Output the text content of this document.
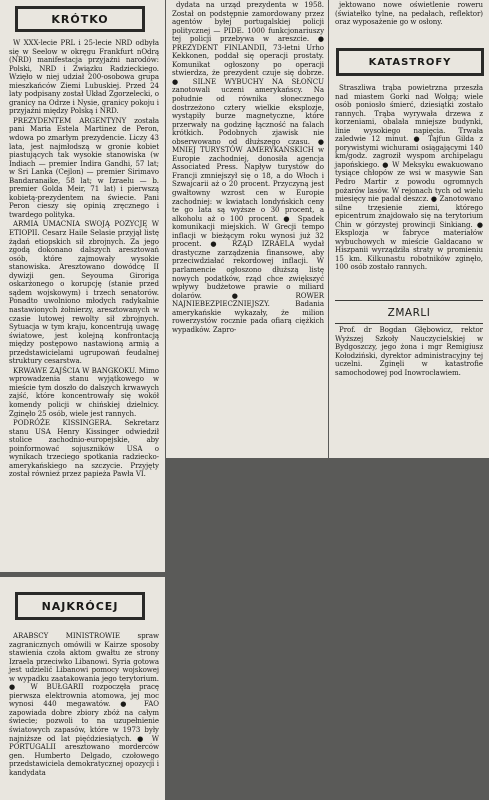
KRÓTKO

W XXX-lecie PRL i 25-lecie NRD odbyła się w Seelow w okręgu Frankfurt nOdrą (NRD) manifestacja przyjaźni narodów: Polski, NRD i Związku Radzieckiego. Wzięło w niej udział 200-osobowa grupa mieszkańców Ziemi Lubuskiej. Przed 24 laty podpisany został Układ Zgorzelecki, o granicy na Odrze i Nysie, granicy pokoju i przyjaźni między Polską i NRD.

PREZYDENTEM ARGENTYNY została pani Maria Estela Martinez de Peron, wdowa po zmarłym prezydencie. Liczy 43 lata, jest najmłodszą w gronie kobiet piastujących tak wysokie stanowiska (w Indiach — premier Indira Gandhi, 57 lat; w Sri Lanka (Cejlon) — premier Sirimavo Bandaranaike, 58 lat; w Izraelu — b. premier Golda Meir, 71 lat) i pierwszą kobietą-prezydentem na świecie. Pani Peron cieszy się opinią zręcznego i twardego polityka.

ARMIA UMACNIA SWOJĄ POZYCJĘ W ETIOPII. Cesarz Haile Selasie przyjął listę żądań etiopskich sił zbrojnych. Za jego zgodą dokonano dalszych aresztowań osób, które zajmowały wysokie stanowiska. Aresztowano dowódcę II dywizji gen. Seyouma Giroriga oskarżonego o korupcję (stanie przed sądem wojskowym) i trzech senatorów. Ponadto uwolniono młodych radykalnie nastawionych żołnierzy, aresztowanych w czasie lutowej rewolty sił zbrojnych. Sytuacja w tym kraju, koncentrują uwagę światowe, jest kolejną konfrontacją między postępowo nastawioną armią a przedstawicielami ugrupowań feudalnej struktury cesarstwa.

KRWAWE ZAJŚCIA W BANGKOKU. Mimo wprowadzenia stanu wyjątkowego w mieście tym doszło do dalszych krwawych zajść, które koncentrowały się wokół komendy policji w chińskiej dzielnicy. Zginęło 25 osób, wiele jest rannych.

PODRÓŻE KISSINGERA. Sekretarz stanu USA Henry Kissinger odwiedził stolice zachodnio-europejskie, aby poinformować sojuszników USA o wynikach trzeciego spotkania radziecko-amerykańskiego na szczycie. Przyjęty został również przez papieża Pawła VI.

NAJKRÓCEJ

ARABSCY MINISTROWIE spraw zagranicznych omówili w Kairze sposoby stawienia czoła aktom gwałtu ze strony Izraela przeciwko Libanowi. Syria gotowa jest udzielić Libanowi pomocy wojskowej w wypadku zaatakowania jego terytorium. ● W BUŁGARII rozpoczęła pracę pierwsza elektrownia atomowa, jej moc wynosi 440 megawatów. ● FAO zapowiada dobre zbiory zbóż na całym świecie; pozwoli to na uzupełnienie światowych zapasów, które w 1973 były najniższe od lat pięćdziesiątych. ● W PORTUGALII aresztowano morderców gen. Humberto Delgado, czołowego przedstawiciela demokratycznej opozycji i kandydata

dydata na urząd prezydenta w 1958. Został on podstępnie zamordowany przez agentów byłej portugalskiej policji politycznej — PIDE. 1000 funkcjonariuszy tej policji przebywa w areszcie. ● PREZYDENT FINLANDII, 73-letni Urho Kekkonen, poddał się operacji prostaty. Komunikat ogłoszony po operacji stwierdza, że prezydent czuje się dobrze. ● SILNE WYBUCHY NA SŁOŃCU zanotowali uczeni amerykańscy. Na południe od równika słonecznego dostrzeżono cztery wielkie eksplozje, wystąpiły burze magnetyczne, które przerwały na godzinę łączność na falach krótkich. Podobnych zjawisk nie obserwowano od dłuższego czasu. ● MNIEJ TURYSTÓW AMERYKAŃSKICH w Europie zachodniej, donosiła agencja Associated Press. Napływ turystów do Francji zmniejszył się o 18, a do Włoch i Szwajcarii aż o 20 procent. Przyczyną jest gwałtowny wzrost cen w Europie zachodniej: w kwiatach londyńskich ceny te go lata są wyższe o 30 procent, a alkoholu aż o 100 procent. ● Spadek komunikacji miejskich. W Grecji tempo inflacji w bieżącym roku wynosi już 32 procent. ● RZĄD IZRAELA wydał drastyczne zarządzenia finansowe, aby przeciwdziałać rekordowej inflacji. W parlamencie ogłoszono dłuższą listę nowych podatków, rząd chce zwiększyć wpływy budżetowe prawie o miliard dolarów. ● ROWER NAJNIEBEZPIECZNIEJSZY. Badania amerykańskie wykazały, że milion rowerzystów rocznie pada ofiarą ciężkich wypadków. Zapro-

jektowano nowe oświetlenie roweru (światełko tylne, na pedałach, reflektor) oraz wyposażenie go w osłony.

KATASTROFY

Straszliwa trąba powietrzna przeszła nad miastem Gorki nad Wołgą; wiele osób poniosło śmierć, dziesiątki zostało rannych. Trąba wyrywała drzewa z korzeniami, obalała mniejsze budynki, linie wysokiego napięcia. Trwała zaledwie 12 minut. ● Tajfun Gilda z porywistymi wichurami osiągającymi 140 km/godz. zagroził wyspom archipelagu japońskiego. ● W Meksyku ewakuowano tysiące chłopów ze wsi w masywie San Pedro Martir z powodu ogromnych pożarów lasów. W rejonach tych od wielu miesięcy nie padał deszcz. ● Zanotowano silne trzęsienie ziemi, którego epicentrum znajdowało się na terytorium Chin w górzystej prowincji Sinkiang. ● Eksplozja w fabryce materiałów wybuchowych w mieście Galdacano w Hiszpanii wyrządziła straty w promieniu 15 km. Kilkunastu robotników zginęło, 100 osób zostało rannych.

ZMARLI

Prof. dr Bogdan Głębowicz, rektor Wyższej Szkoły Nauczycielskiej w Bydgoszczy, jego żona i mgr Remigiusz Kołodziński, dyrektor administracyjny tej uczelni. Zginęli w katastrofie samochodowej pod Inowrocławiem.
